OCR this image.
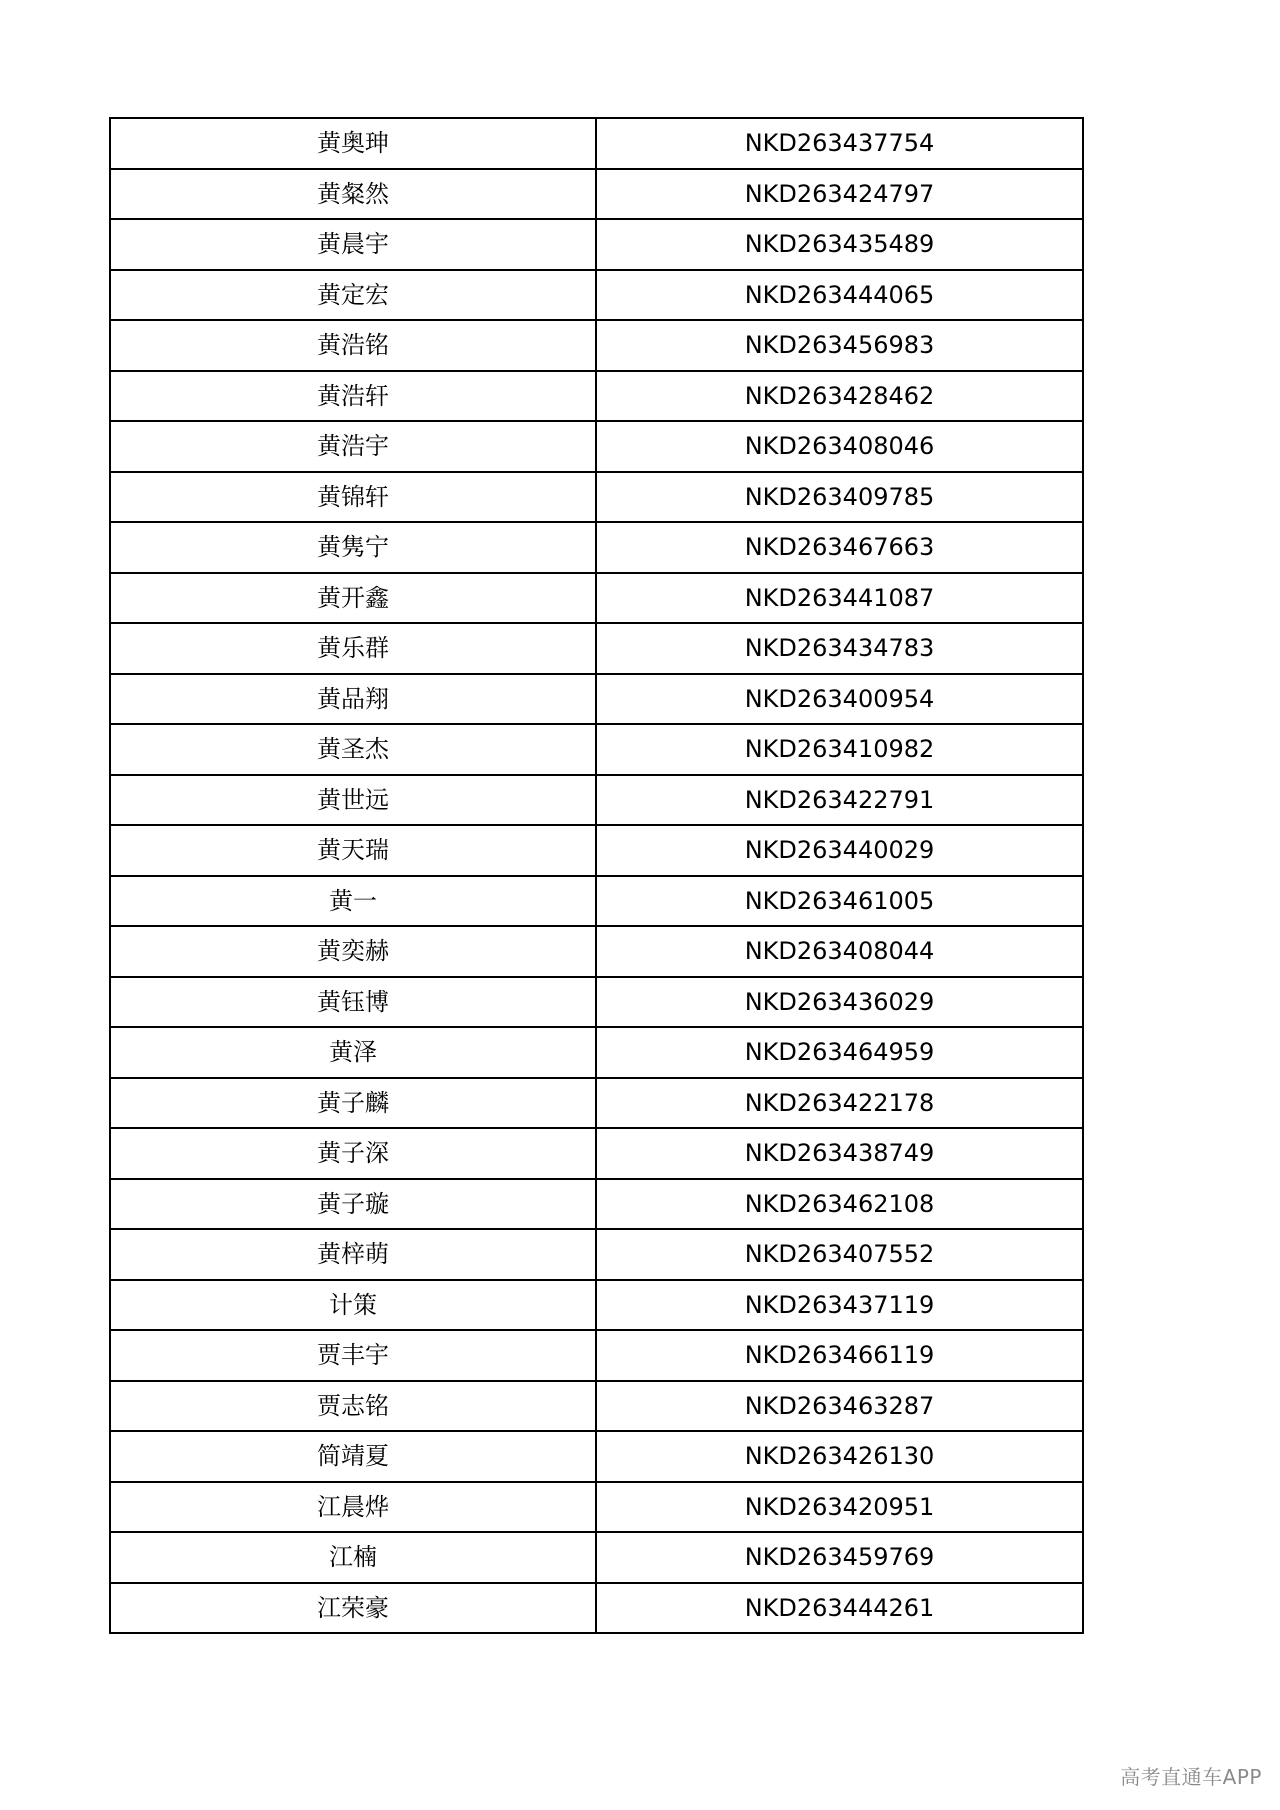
黄奥珅	NKD263437754
黄粲然	NKD263424797
黄晨宇	NKD263435489
黄定宏	NKD263444065
黄浩铭	NKD263456983
黄浩轩	NKD263428462
黄浩宇	NKD263408046
黄锦轩	NKD263409785
黄隽宁	NKD263467663
黄开鑫	NKD263441087
黄乐群	NKD263434783
黄品翔	NKD263400954
黄圣杰	NKD263410982
黄世远	NKD263422791
黄天瑞	NKD263440029
黄一	NKD263461005
黄奕赫	NKD263408044
黄钰博	NKD263436029
黄泽	NKD263464959
黄子麟	NKD263422178
黄子深	NKD263438749
黄子璇	NKD263462108
黄梓萌	NKD263407552
计策	NKD263437119
贾丰宇	NKD263466119
贾志铭	NKD263463287
简靖夏	NKD263426130
江晨烨	NKD263420951
江楠	NKD263459769
江荣豪	NKD263444261
高考直通车APP
